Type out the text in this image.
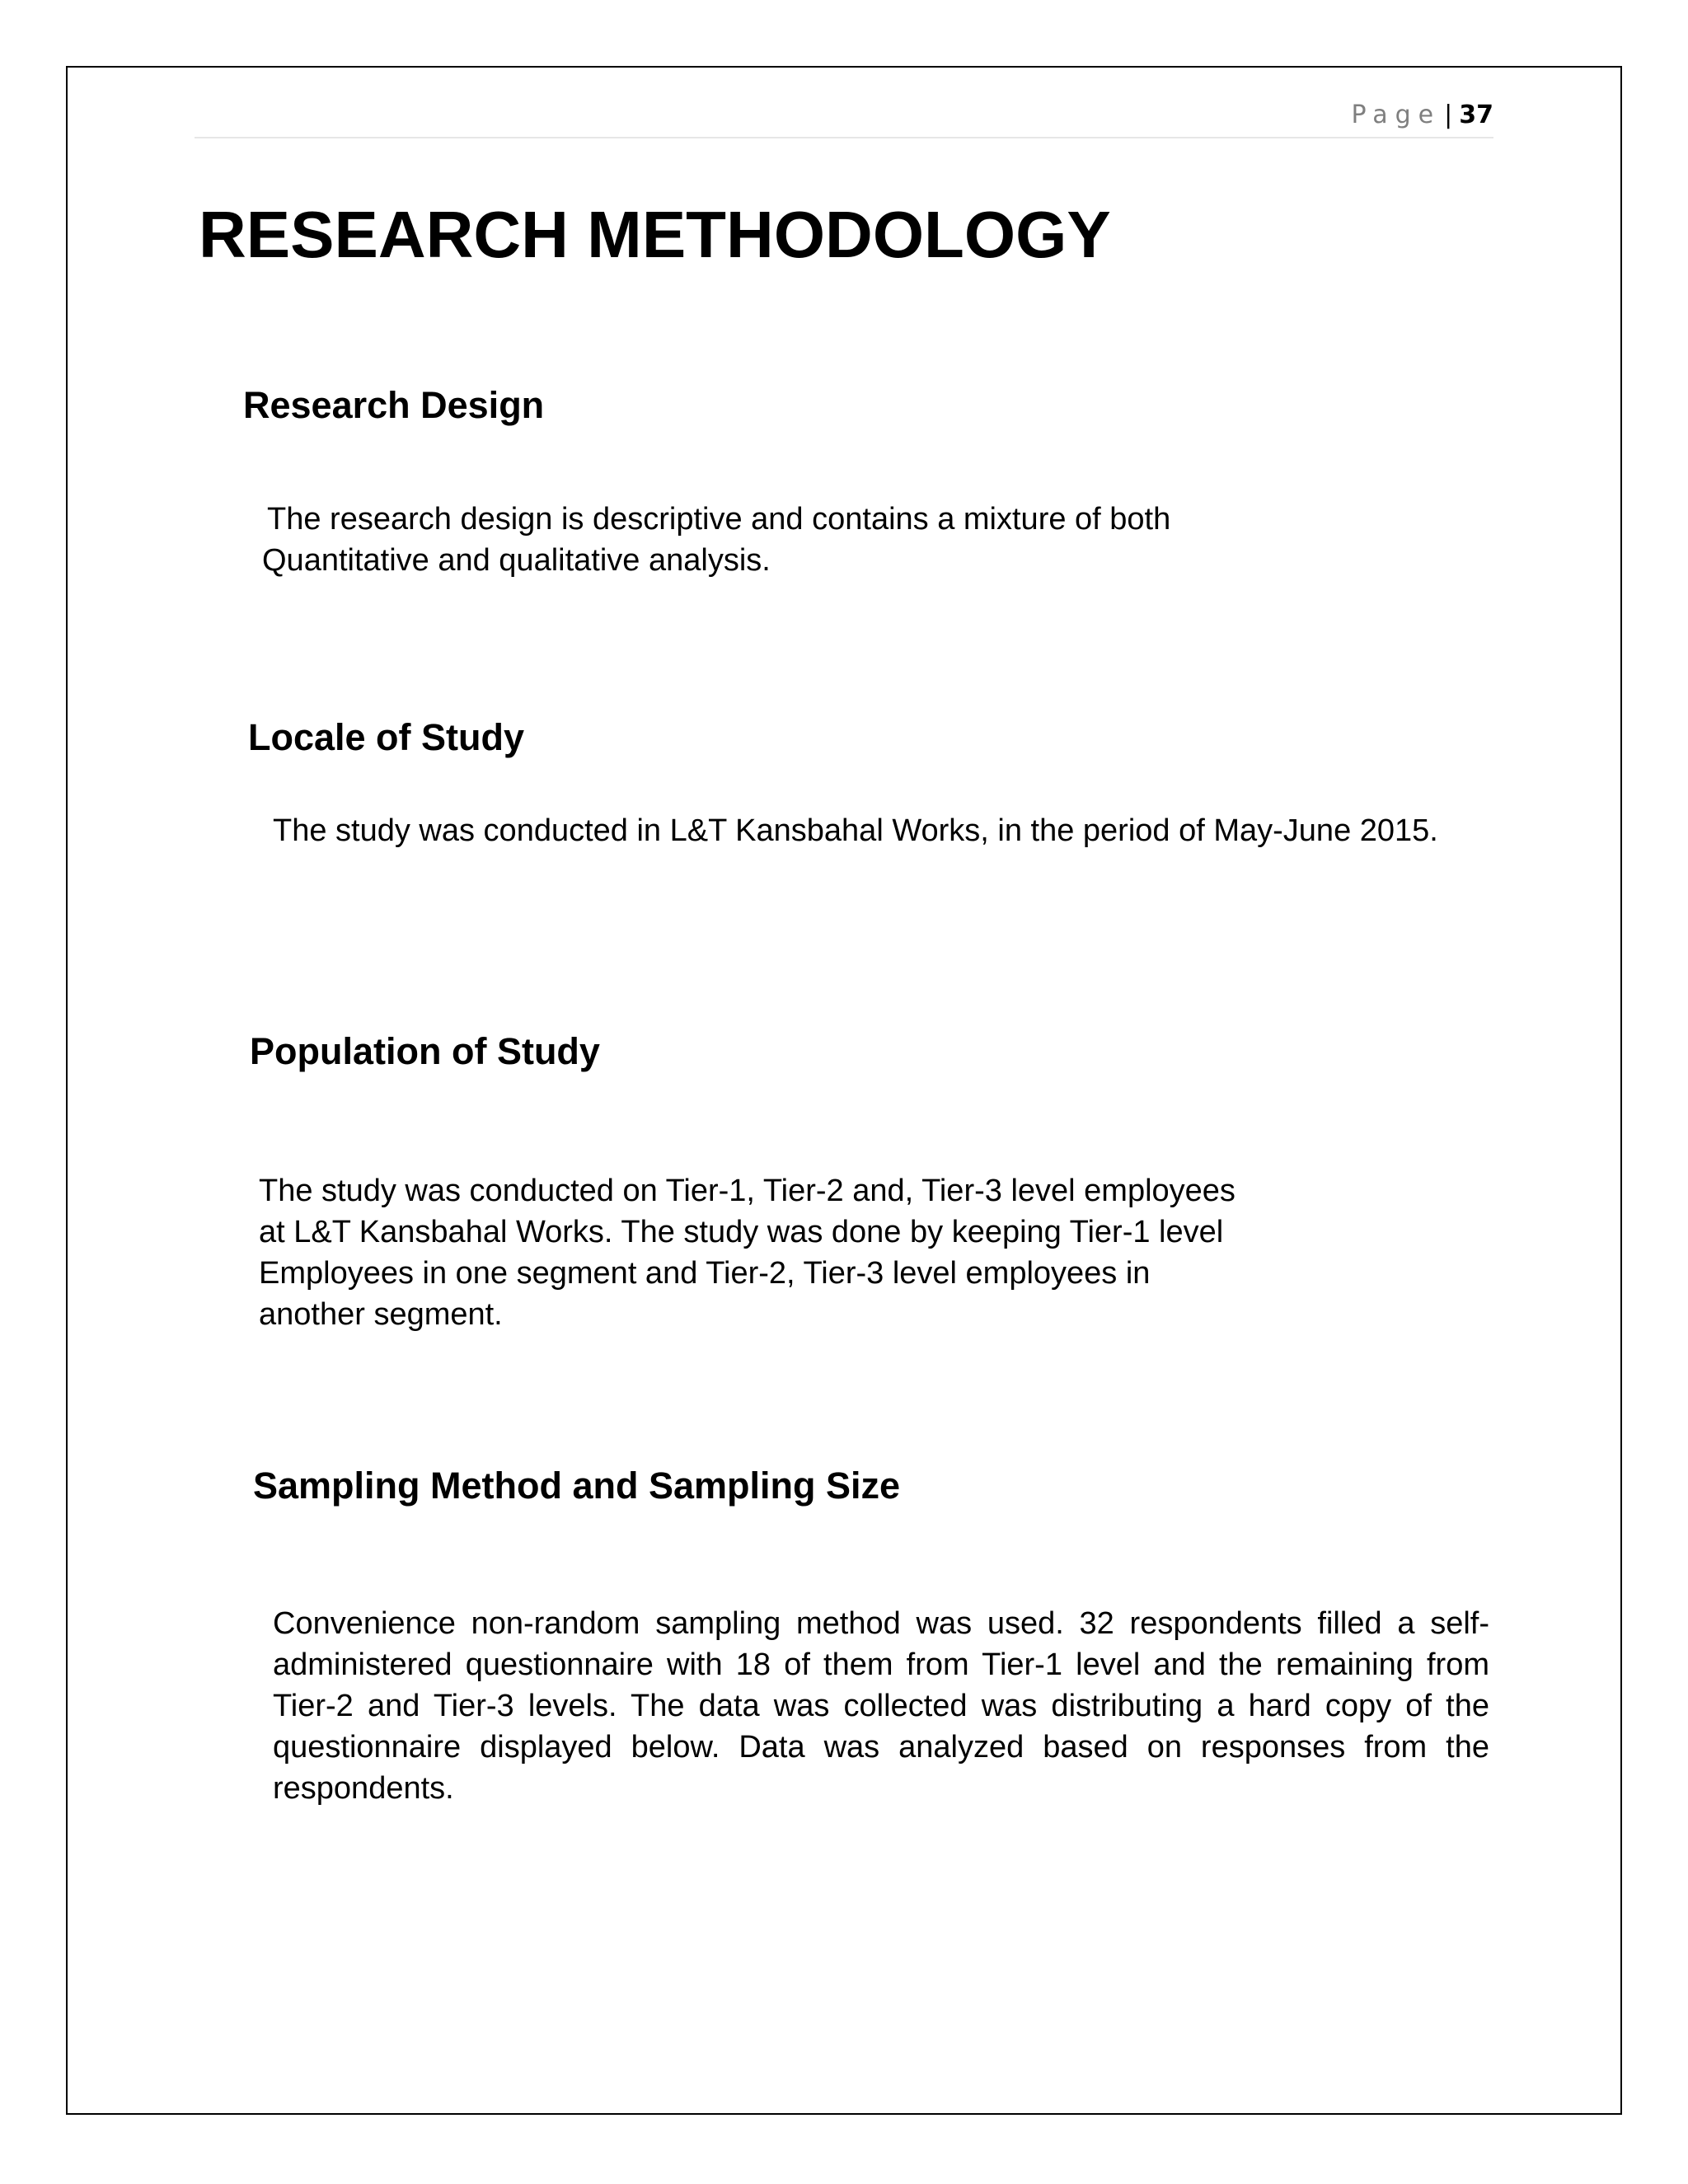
Page | 37
RESEARCH METHODOLOGY
Research Design
The research design is descriptive and contains a mixture of both
Quantitative and qualitative analysis.
Locale of Study

The study was conducted in L&T Kansbahal Works, in the period of May-June 2015.

Population of Study
The study was conducted on Tier-1, Tier-2 and, Tier-3 level employees
at L&T Kansbahal Works. The study was done by keeping Tier-1 level
Employees in one segment and Tier-2, Tier-3 level employees in
another segment.
Sampling Method and Sampling Size

Convenience non-random sampling method was used. 32 respondents filled a self-administered questionnaire with 18 of them from Tier-1 level and the remaining from Tier-2 and Tier-3 levels. The data was collected was distributing a hard copy of the questionnaire displayed below. Data was analyzed based on responses from the respondents.
